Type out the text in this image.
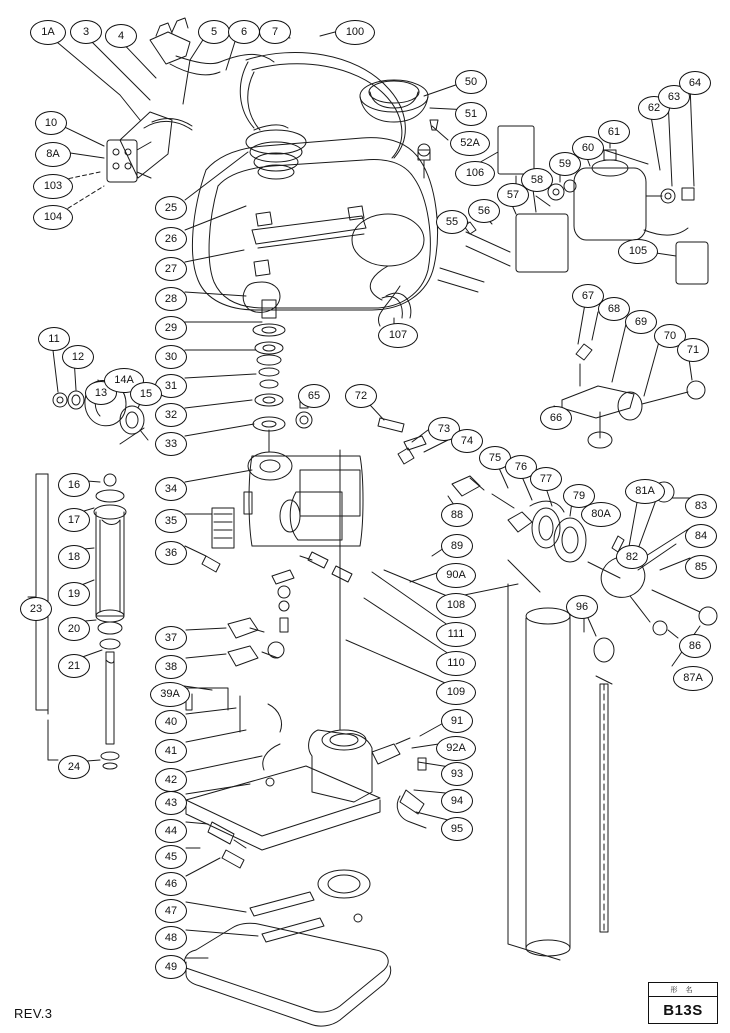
1A	3	4	5	6	7	100
50
51
52A
106
10
8A
103
104
25
26
27
28
29
30
31
32
33
34
35
36
107
55
56
57
58
59
60
61
62
63
64
105
67
68
69
70
71
66
11
12
13
14A
15	65	72
73
74
75
76
77
79
80A
81A
83
84
85
82
86
87A
96
88
89
90A
108
111
110
109
91
92A
93
94
95
16
17
18
19
20
21
23
24
37
38
39A
40
41
42
43
44
45
46
47
48
49
REV.3
形 名
B13S
